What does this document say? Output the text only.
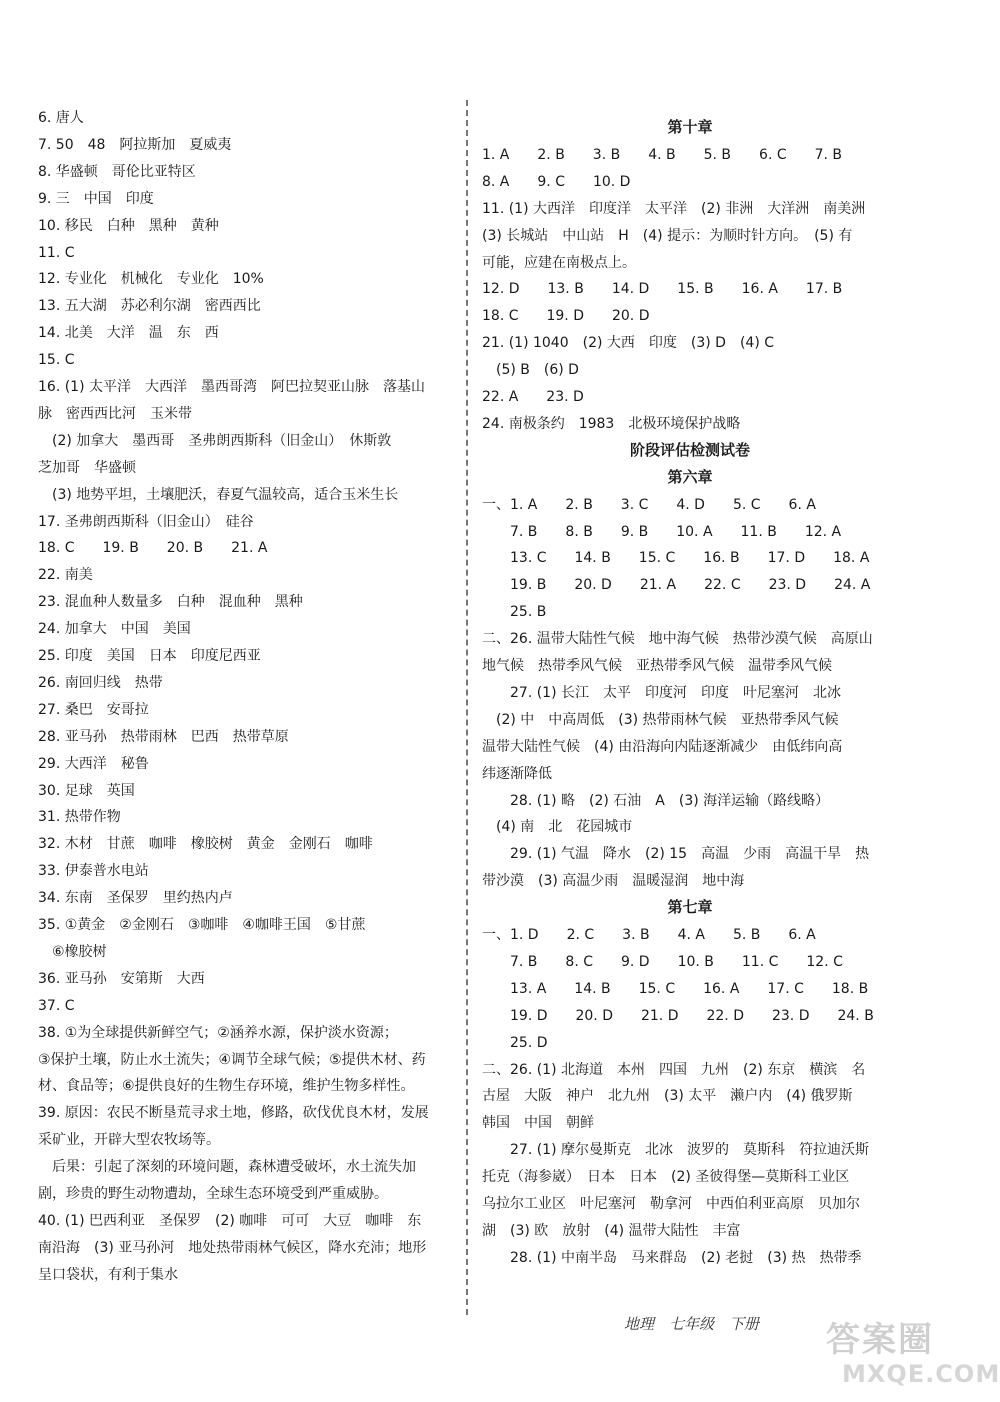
6. 唐人
7. 50　48　阿拉斯加　夏威夷
8. 华盛顿　哥伦比亚特区
9. 三　中国　印度
10. 移民　白种　黑种　黄种
11. C
12. 专业化　机械化　专业化　10%
13. 五大湖　苏必利尔湖　密西西比
14. 北美　大洋　温　东　西
15. C
16. (1) 太平洋　大西洋　墨西哥湾　阿巴拉契亚山脉　落基山
脉　密西西比河　玉米带
　(2) 加拿大　墨西哥　圣弗朗西斯科（旧金山）　休斯敦
芝加哥　华盛顿
　(3) 地势平坦，土壤肥沃，春夏气温较高，适合玉米生长
17. 圣弗朗西斯科（旧金山）　硅谷
18. C　　19. B　　20. B　　21. A
22. 南美
23. 混血种人数量多　白种　混血种　黑种
24. 加拿大　中国　美国
25. 印度　美国　日本　印度尼西亚
26. 南回归线　热带
27. 桑巴　安哥拉
28. 亚马孙　热带雨林　巴西　热带草原
29. 大西洋　秘鲁
30. 足球　英国
31. 热带作物
32. 木材　甘蔗　咖啡　橡胶树　黄金　金刚石　咖啡
33. 伊泰普水电站
34. 东南　圣保罗　里约热内卢
35. ①黄金　②金刚石　③咖啡　④咖啡王国　⑤甘蔗
　⑥橡胶树
36. 亚马孙　安第斯　大西
37. C
38. ①为全球提供新鲜空气；②涵养水源，保护淡水资源；
③保护土壤，防止水土流失；④调节全球气候；⑤提供木材、药
材、食品等；⑥提供良好的生物生存环境，维护生物多样性。
39. 原因：农民不断垦荒寻求土地，修路，砍伐优良木材，发展
采矿业，开辟大型农牧场等。
　后果：引起了深刻的环境问题，森林遭受破坏，水土流失加
剧，珍贵的野生动物遭劫，全球生态环境受到严重威胁。
40. (1) 巴西利亚　圣保罗　(2) 咖啡　可可　大豆　咖啡　东
南沿海　(3) 亚马孙河　地处热带雨林气候区，降水充沛；地形
呈口袋状，有利于集水
第十章
1. A　　2. B　　3. B　　4. B　　5. B　　6. C　　7. B
8. A　　9. C　　10. D
11. (1) 大西洋　印度洋　太平洋　(2) 非洲　大洋洲　南美洲
(3) 长城站　中山站　H　(4) 提示：为顺时针方向。　(5) 有
可能，应建在南极点上。
12. D　　13. B　　14. D　　15. B　　16. A　　17. B
18. C　　19. D　　20. D
21. (1) 1040　(2) 大西　印度　(3) D　(4) C
　(5) B　(6) D
22. A　　23. D
24. 南极条约　1983　北极环境保护战略
阶段评估检测试卷
第六章
一、1. A　　2. B　　3. C　　4. D　　5. C　　6. A
　　7. B　　8. B　　9. B　　10. A　　11. B　　12. A
　　13. C　　14. B　　15. C　　16. B　　17. D　　18. A
　　19. B　　20. D　　21. A　　22. C　　23. D　　24. A
　　25. B
二、26. 温带大陆性气候　地中海气候　热带沙漠气候　高原山
地气候　热带季风气候　亚热带季风气候　温带季风气候
　　27. (1) 长江　太平　印度河　印度　叶尼塞河　北冰
　(2) 中　中高周低　(3) 热带雨林气候　亚热带季风气候
温带大陆性气候　(4) 由沿海向内陆逐渐减少　由低纬向高
纬逐渐降低
　　28. (1) 略　(2) 石油　A　(3) 海洋运输（路线略）
　(4) 南　北　花园城市
　　29. (1) 气温　降水　(2) 15　高温　少雨　高温干旱　热
带沙漠　(3) 高温少雨　温暖湿润　地中海
第七章
一、1. D　　2. C　　3. B　　4. A　　5. B　　6. A
　　7. B　　8. C　　9. D　　10. B　　11. C　　12. C
　　13. A　　14. B　　15. C　　16. A　　17. C　　18. B
　　19. D　　20. D　　21. D　　22. D　　23. D　　24. B
　　25. D
二、26. (1) 北海道　本州　四国　九州　(2) 东京　横滨　名
古屋　大阪　神户　北九州　(3) 太平　濑户内　(4) 俄罗斯
韩国　中国　朝鲜
　　27. (1) 摩尔曼斯克　北冰　波罗的　莫斯科　符拉迪沃斯
托克（海参崴）　日本　日本　(2) 圣彼得堡—莫斯科工业区
乌拉尔工业区　叶尼塞河　勒拿河　中西伯利亚高原　贝加尔
湖　(3) 欧　放射　(4) 温带大陆性　丰富
　　28. (1) 中南半岛　马来群岛　(2) 老挝　(3) 热　热带季
地理　七年级　下册 答案圈
MXQE.COM
